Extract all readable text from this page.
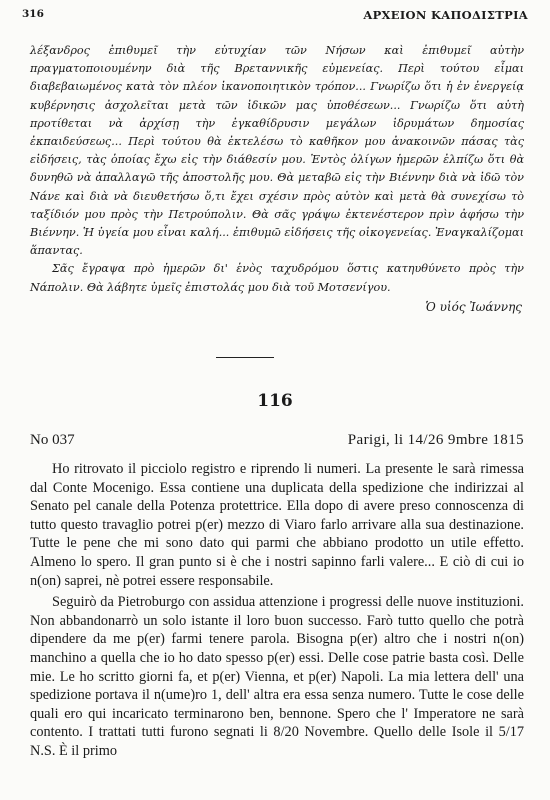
316	ΑΡΧΕΙΟΝ ΚΑΠΟΔΙΣΤΡΙΑ

λέξανδρος ἐπιθυμεῖ τὴν εὐτυχίαν τῶν Νήσων καὶ ἐπιθυμεῖ αὐτὴν πραγματοποιουμένην διὰ τῆς Βρεταννικῆς εὐμενείας. Περὶ τούτου εἶμαι διαβεβαιωμένος κατὰ τὸν πλέον ἱκανοποιητικὸν τρόπον... Γνωρίζω ὅτι ἡ ἐν ἐνεργείᾳ κυβέρνησις ἀσχολεῖται μετὰ τῶν ἰδικῶν μας ὑποθέσεων... Γνωρίζω ὅτι αὐτὴ προτίθεται νὰ ἀρχίσῃ τὴν ἐγκαθίδρυσιν μεγάλων ἱδρυμάτων δημοσίας ἐκπαιδεύσεως... Περὶ τούτου θὰ ἐκτελέσω τὸ καθῆκον μου ἀνακοινῶν πάσας τὰς εἰδήσεις, τὰς ὁποίας ἔχω εἰς τὴν διάθεσίν μου. Ἐντὸς ὀλίγων ἡμερῶν ἐλπίζω ὅτι θὰ δυνηθῶ νὰ ἀπαλλαγῶ τῆς ἀποστολῆς μου. Θὰ μεταβῶ εἰς τὴν Βιέννην διὰ νὰ ἰδῶ τὸν Νάνε καὶ διὰ νὰ διευθετήσω ὅ,τι ἔχει σχέσιν πρὸς αὐτὸν καὶ μετὰ θὰ συνεχίσω τὸ ταξίδιόν μου πρὸς τὴν Πετρούπολιν. Θὰ σᾶς γράψω ἐκτενέστερον πρὶν ἀφήσω τὴν Βιέννην. Ἡ ὑγεία μου εἶναι καλή... ἐπιθυμῶ εἰδήσεις τῆς οἰκογενείας. Ἐναγκαλίζομαι ἅπαντας.

Σᾶς ἔγραψα πρὸ ἡμερῶν δι' ἑνὸς ταχυδρόμου ὅστις κατηυθύνετο πρὸς τὴν Νάπολιν. Θὰ λάβητε ὑμεῖς ἐπιστολάς μου διὰ τοῦ Μοτσενίγου.

Ὁ υἱός Ἰωάννης
116
No 037	Parigi, li 14/26 9mbre 1815

Ho ritrovato il picciolo registro e riprendo li numeri. La presente le sarà rimessa dal Conte Mocenigo. Essa contiene una duplicata della spedizione che indirizzai al Senato pel canale della Potenza protettrice. Ella dopo di avere preso connoscenza di tutto questo travaglio potrei p(er) mezzo di Viaro farlo arrivare alla sua destinazione. Tutte le pene che mi sono dato qui parmi che abbiano prodotto un utile effetto. Almeno lo spero. Il gran punto si è che i nostri sapinno farli valere... E ciò di cui io n(on) saprei, nè potrei essere responsabile.

Seguirò da Pietroburgo con assidua attenzione i progressi delle nuove instituzioni. Non abbandonarrò un solo istante il loro buon successo. Farò tutto quello che potrà dipendere da me p(er) farmi tenere parola. Bisogna p(er) altro che i nostri n(on) manchino a quella che io ho dato spesso p(er) essi. Delle cose patrie basta così. Delle mie. Le ho scritto giorni fa, et p(er) Vienna, et p(er) Napoli. La mia lettera dell' una spedizione portava il n(ume)ro 1, dell' altra era essa senza numero. Tutte le cose delle quali ero qui incaricato terminarono ben, bennone. Spero che l' Imperatore ne sarà contento. I trattati tutti furono segnati li 8/20 Novembre. Quello delle Isole il 5/17 N.S. È il primo
